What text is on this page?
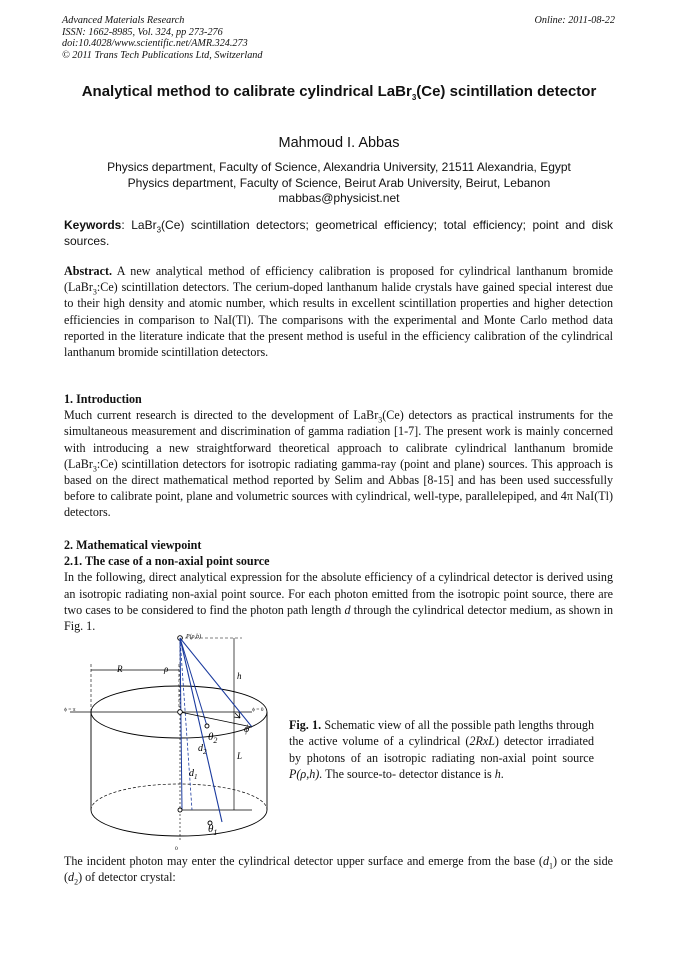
Advanced Materials Research
ISSN: 1662-8985, Vol. 324, pp 273-276
doi:10.4028/www.scientific.net/AMR.324.273
© 2011 Trans Tech Publications Ltd, Switzerland
Online: 2011-08-22
Analytical method to calibrate cylindrical LaBr$_3$(Ce) scintillation detector
Mahmoud I. Abbas
Physics department, Faculty of Science, Alexandria University, 21511 Alexandria, Egypt
Physics department, Faculty of Science, Beirut Arab University, Beirut, Lebanon
mabbas@physicist.net
Keywords: LaBr$_3$(Ce) scintillation detectors; geometrical efficiency; total efficiency; point and disk sources.
Abstract. A new analytical method of efficiency calibration is proposed for cylindrical lanthanum bromide (LaBr$_3$:Ce) scintillation detectors. The cerium-doped lanthanum halide crystals have gained special interest due to their high density and atomic number, which results in excellent scintillation properties and higher detection efficiencies in comparison to NaI(Tl). The comparisons with the experimental and Monte Carlo method data reported in the literature indicate that the present method is useful in the efficiency calibration of the cylindrical lanthanum bromide scintillation detectors.
1. Introduction
Much current research is directed to the development of LaBr$_3$(Ce) detectors as practical instruments for the simultaneous measurement and discrimination of gamma radiation [1-7]. The present work is mainly concerned with introducing a new straightforward theoretical approach to calibrate cylindrical lanthanum bromide (LaBr$_3$:Ce) scintillation detectors for isotropic radiating gamma-ray (point and plane) sources. This approach is based on the direct mathematical method reported by Selim and Abbas [8-15] and has been used successfully before to calibrate point, plane and volumetric sources with cylindrical, well-type, parallelepiped, and 4π NaI(Tl) detectors.
2. Mathematical viewpoint
2.1. The case of a non-axial point source
In the following, direct analytical expression for the absolute efficiency of a cylindrical detector is derived using an isotropic radiating non-axial point source. For each photon emitted from the isotropic point source, there are two cases to be considered to find the photon path length d through the cylindrical detector medium, as shown in Fig. 1.
R	ρ
h
L
P(ρ,h)
ϕ = π	ϕ = 0
ϕ
$\theta_2$
$d_2$
$d_1$
$\theta_1$
0
Fig. 1. Schematic view of all the possible path lengths through the active volume of a cylindrical (2RxL) detector irradiated by photons of an isotropic radiating non-axial point source P(ρ,h). The source-to- detector distance is h.
The incident photon may enter the cylindrical detector upper surface and emerge from the base $(d_1)$ or the side $(d_2)$ of detector crystal:
